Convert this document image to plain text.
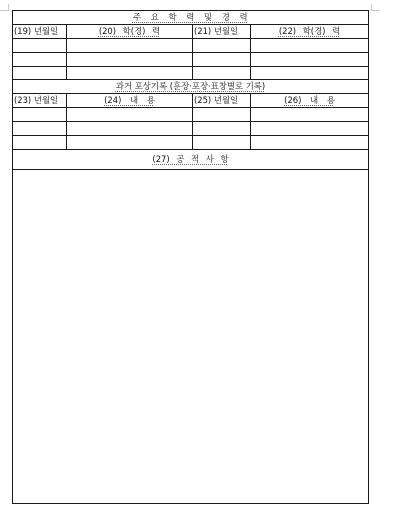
주 요 학 력 및 경 력			
(19) 년월일	(20) 학(경) 력	(21) 년월일	(22) 학(경) 력

과거 포상기록 (훈장·포장·표창별로 기록)			
(23) 년월일	(24) 내 용	(25) 년월일	(26) 내 용

(27) 공 적 사 항			
